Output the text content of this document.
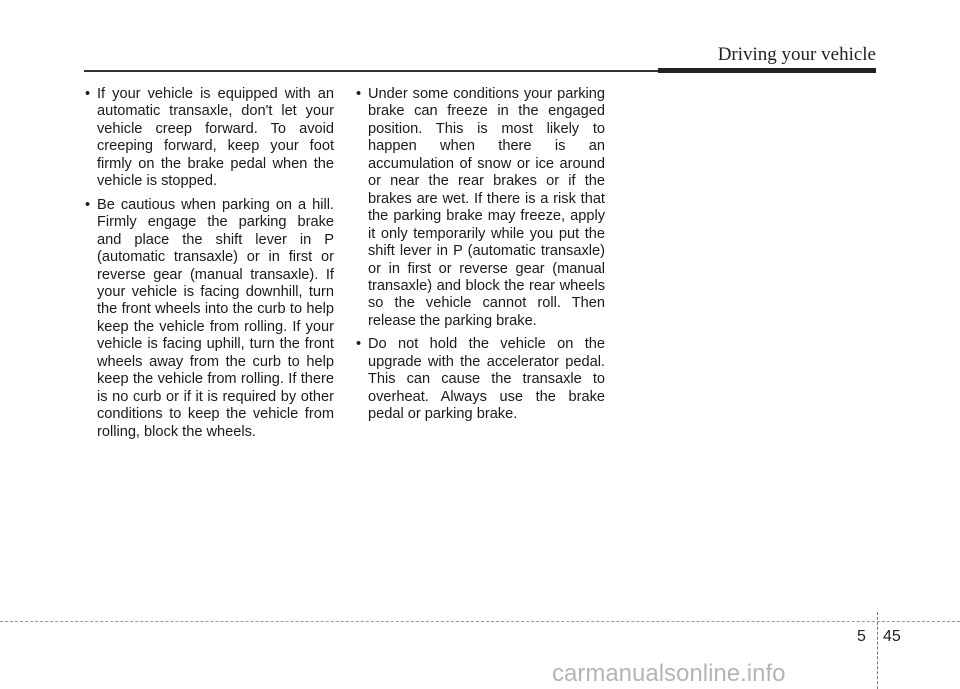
Driving your vehicle
• If your vehicle is equipped with an automatic transaxle, don't let your vehicle creep forward. To avoid creeping forward, keep your foot firmly on the brake pedal when the vehicle is stopped.
• Be cautious when parking on a hill. Firmly engage the parking brake and place the shift lever in P (automatic transaxle) or in first or reverse gear (manual transaxle). If your vehicle is facing downhill, turn the front wheels into the curb to help keep the vehicle from rolling. If your vehicle is facing uphill, turn the front wheels away from the curb to help keep the vehicle from rolling. If there is no curb or if it is required by other conditions to keep the vehicle from rolling, block the wheels.
• Under some conditions your parking brake can freeze in the engaged position. This is most likely to happen when there is an accumulation of snow or ice around or near the rear brakes or if the brakes are wet. If there is a risk that the parking brake may freeze, apply it only temporarily while you put the shift lever in P (automatic transaxle) or in first or reverse gear (manual transaxle) and block the rear wheels so the vehicle cannot roll. Then release the parking brake.
• Do not hold the vehicle on the upgrade with the accelerator pedal. This can cause the transaxle to overheat. Always use the brake pedal or parking brake.
5 45
carmanualsonline.info
